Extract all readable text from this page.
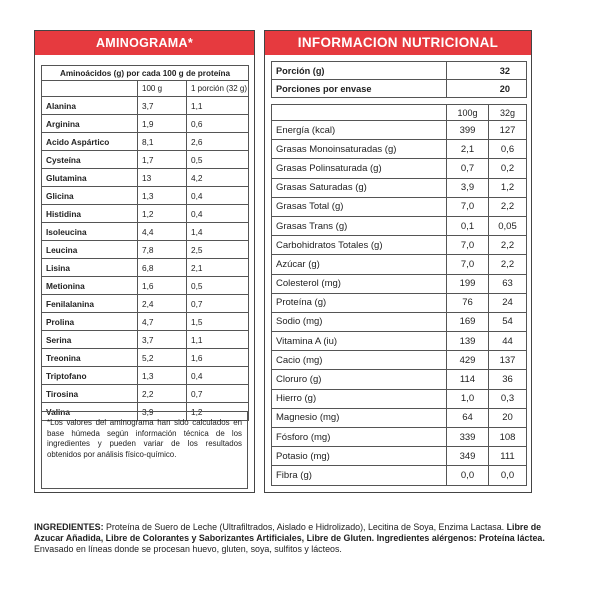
AMINOGRAMA*
Aminoácidos (g) por cada 100 g de proteína		
	100 g	1 porción (32 g)
Alanina	3,7	1,1
Arginina	1,9	0,6
Acido Aspártico	8,1	2,6
Cysteína	1,7	0,5
Glutamina	13	4,2
Glicina	1,3	0,4
Histidina	1,2	0,4
Isoleucina	4,4	1,4
Leucina	7,8	2,5
Lisina	6,8	2,1
Metionina	1,6	0,5
Fenilalanina	2,4	0,7
Prolina	4,7	1,5
Serina	3,7	1,1
Treonina	5,2	1,6
Triptofano	1,3	0,4
Tirosina	2,2	0,7
Valina	3,9	1,2
*Los valores del aminograma han sido calculados en base húmeda según información técnica de los ingredientes y pueden variar de los resultados obtenidos por análisis físico-químico.
INFORMACION NUTRICIONAL
Porción (g)	32
Porciones por envase	20
	100g	32g
Energía (kcal)	399	127
Grasas Monoinsaturadas (g)	2,1	0,6
Grasas Polinsaturada (g)	0,7	0,2
Grasas Saturadas (g)	3,9	1,2
Grasas Total (g)	7,0	2,2
Grasas Trans (g)	0,1	0,05
Carbohidratos Totales (g)	7,0	2,2
Azúcar (g)	7,0	2,2
Colesterol (mg)	199	63
Proteína (g)	76	24
Sodio (mg)	169	54
Vitamina A (iu)	139	44
Cacio (mg)	429	137
Cloruro (g)	114	36
Hierro (g)	1,0	0,3
Magnesio (mg)	64	20
Fósforo (mg)	339	108
Potasio (mg)	349	111
Fibra (g)	0,0	0,0
INGREDIENTES: Proteína de Suero de Leche (Ultrafiltrados, Aislado e Hidrolizado), Lecitina de Soya, Enzima Lactasa. Libre de Azucar Añadida, Libre de Colorantes y Saborizantes Artificiales, Libre de Gluten. Ingredientes alérgenos: Proteína láctea. Envasado en líneas donde se procesan huevo, gluten, soya, sulfitos y lácteos.
